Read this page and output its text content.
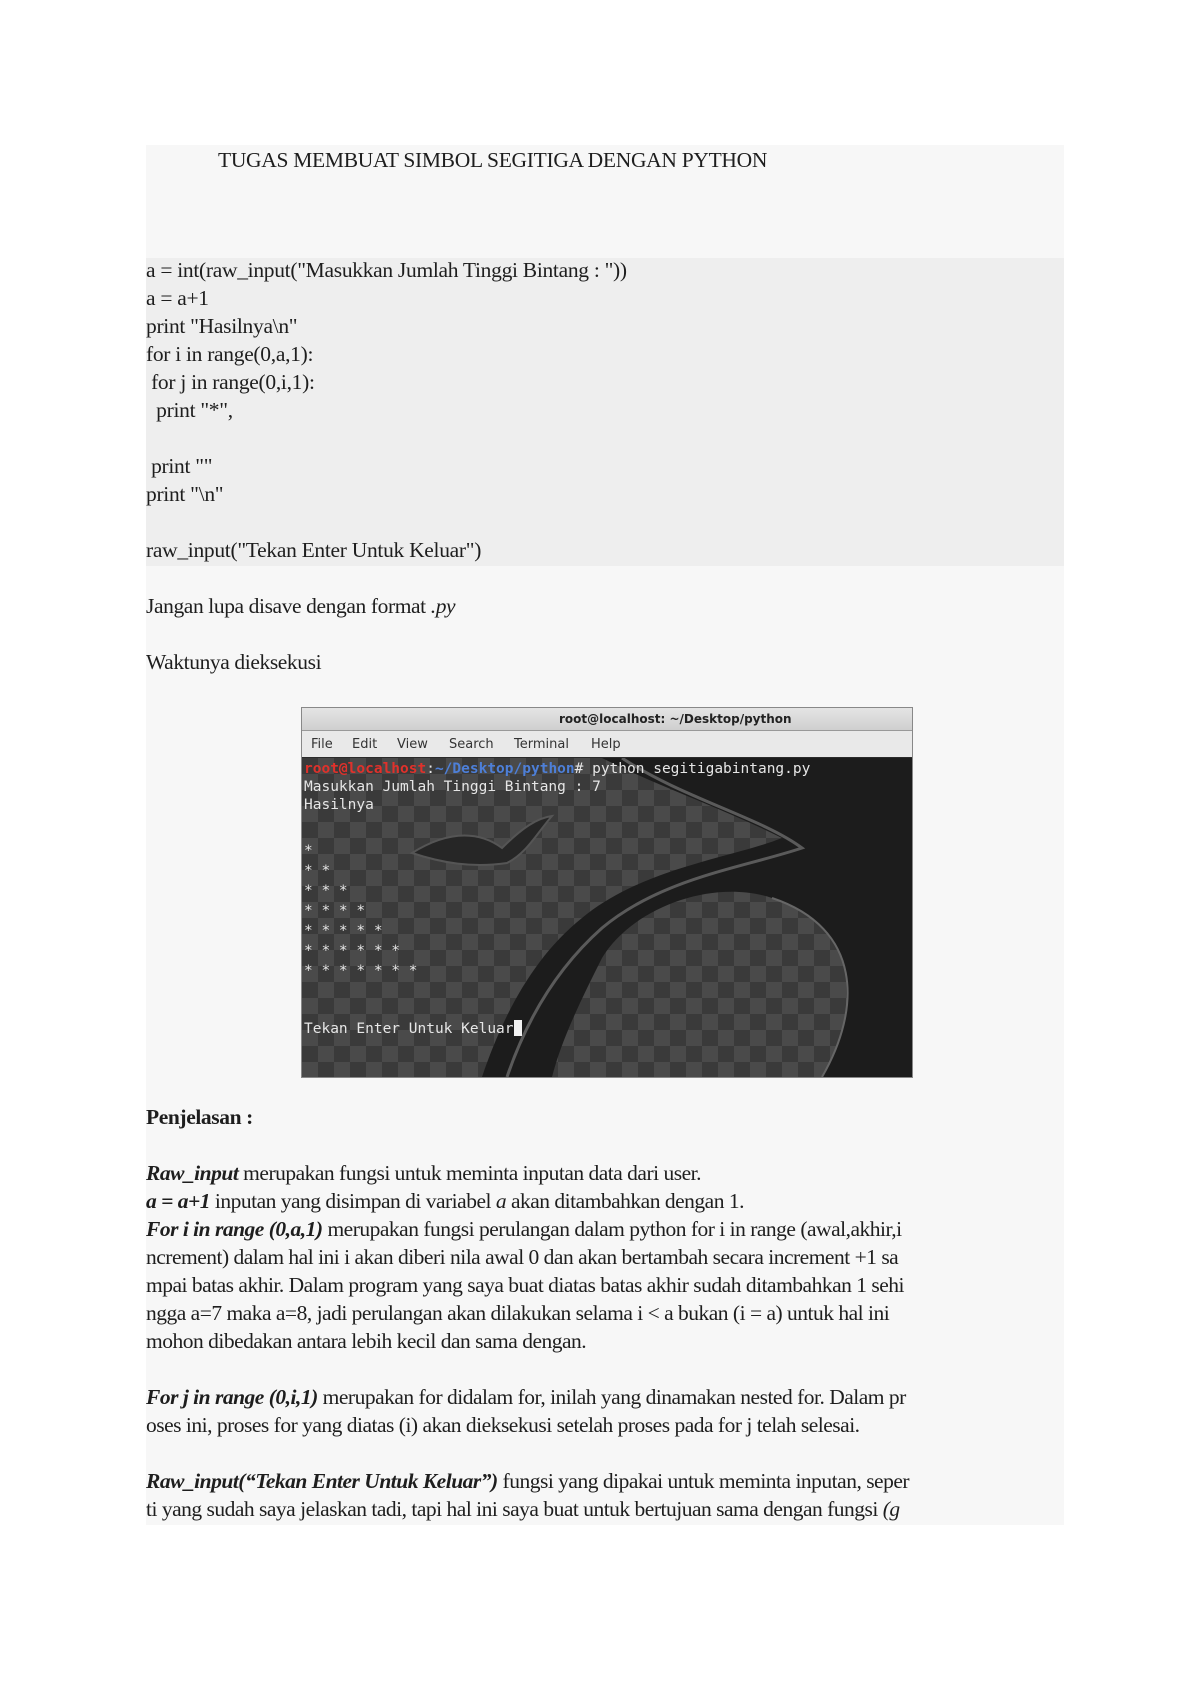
TUGAS MEMBUAT SIMBOL SEGITIGA DENGAN PYTHON
a = int(raw_input("Masukkan Jumlah Tinggi Bintang : "))
a = a+1
print "Hasilnya\n"
for i in range(0,a,1):
for j in range(0,i,1):
print "*",
print ""
print "\n"
raw_input("Tekan Enter Untuk Keluar")
Jangan lupa disave dengan format .py
Waktunya dieksekusi
root@localhost: ~/Desktop/python
File Edit View Search Terminal Help
root@localhost:~/Desktop/python# python segitigabintang.py
Masukkan Jumlah Tinggi Bintang : 7
Hasilnya
*
* *
* * *
* * * *
* * * * *
* * * * * *
* * * * * * *
Tekan Enter Untuk Keluar
Penjelasan :
Raw_input merupakan fungsi untuk meminta inputan data dari user.
a = a+1 inputan yang disimpan di variabel a akan ditambahkan dengan 1.
For i in range (0,a,1) merupakan fungsi perulangan dalam python for i in range (awal,akhir,i
ncrement) dalam hal ini i akan diberi nila awal 0 dan akan bertambah secara increment +1 sa
mpai batas akhir. Dalam program yang saya buat diatas batas akhir sudah ditambahkan 1 sehi
ngga a=7 maka a=8, jadi perulangan akan dilakukan selama i < a bukan (i = a) untuk hal ini
mohon dibedakan antara lebih kecil dan sama dengan.
For j in range (0,i,1) merupakan for didalam for, inilah yang dinamakan nested for. Dalam pr
oses ini, proses for yang diatas (i) akan dieksekusi setelah proses pada for j telah selesai.
Raw_input(“Tekan Enter Untuk Keluar”) fungsi yang dipakai untuk meminta inputan, seper
ti yang sudah saya jelaskan tadi, tapi hal ini saya buat untuk bertujuan sama dengan fungsi (g
